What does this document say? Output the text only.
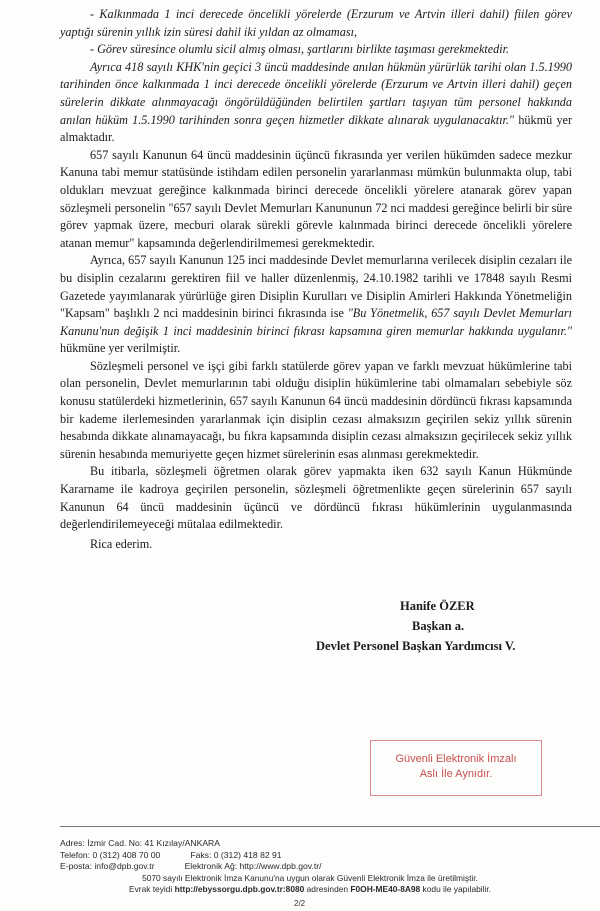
- Kalkınmada 1 inci derecede öncelikli yörelerde (Erzurum ve Artvin illeri dahil) fiilen görev yaptığı sürenin yıllık izin süresi dahil iki yıldan az olmaması,

- Görev süresince olumlu sicil almış olması, şartlarını birlikte taşıması gerekmektedir.

Ayrıca 418 sayılı KHK'nin geçici 3 üncü maddesinde anılan hükmün yürürlük tarihi olan 1.5.1990 tarihinden önce kalkınmada 1 inci derecede öncelikli yörelerde (Erzurum ve Artvin illeri dahil) geçen sürelerin dikkate alınmayacağı öngörüldüğünden belirtilen şartları taşıyan tüm personel hakkında anılan hüküm 1.5.1990 tarihinden sonra geçen hizmetler dikkate alınarak uygulanacaktır." hükmü yer almaktadır.

657 sayılı Kanunun 64 üncü maddesinin üçüncü fıkrasında yer verilen hükümden sadece mezkur Kanuna tabi memur statüsünde istihdam edilen personelin yararlanması mümkün bulunmakta olup, tabi oldukları mevzuat gereğince kalkınmada birinci derecede öncelikli yörelere atanarak görev yapan sözleşmeli personelin "657 sayılı Devlet Memurları Kanununun 72 nci maddesi gereğince belirli bir süre görev yapmak üzere, mecburi olarak sürekli görevle kalınmada birinci derecede öncelikli yörelere atanan memur" kapsamında değerlendirilmemesi gerekmektedir.

Ayrıca, 657 sayılı Kanunun 125 inci maddesinde Devlet memurlarına verilecek disiplin cezaları ile bu disiplin cezalarını gerektiren fiil ve haller düzenlenmiş, 24.10.1982 tarihli ve 17848 sayılı Resmi Gazetede yayımlanarak yürürlüğe giren Disiplin Kurulları ve Disiplin Amirleri Hakkında Yönetmeliğin "Kapsam" başlıklı 2 nci maddesinin birinci fıkrasında ise "Bu Yönetmelik, 657 sayılı Devlet Memurları Kanunu'nun değişik 1 inci maddesinin birinci fıkrası kapsamına giren memurlar hakkında uygulanır." hükmüne yer verilmiştir.

Sözleşmeli personel ve işçi gibi farklı statülerde görev yapan ve farklı mevzuat hükümlerine tabi olan personelin, Devlet memurlarının tabi olduğu disiplin hükümlerine tabi olmamaları sebebiyle söz konusu statülerdeki hizmetlerinin, 657 sayılı Kanunun 64 üncü maddesinin dördüncü fıkrası kapsamında bir kademe ilerlemesinden yararlanmak için disiplin cezası almaksızın geçirilen sekiz yıllık sürenin hesabında dikkate alınamayacağı, bu fıkra kapsamında disiplin cezası almaksızın geçirilecek sekiz yıllık sürenin hesabında memuriyette geçen hizmet sürelerinin esas alınması gerekmektedir.

Bu itibarla, sözleşmeli öğretmen olarak görev yapmakta iken 632 sayılı Kanun Hükmünde Kararname ile kadroya geçirilen personelin, sözleşmeli öğretmenlikte geçen sürelerinin 657 sayılı Kanunun 64 üncü maddesinin üçüncü ve dördüncü fıkrası hükümlerinin uygulanmasında değerlendirilemeyeceği mütalaa edilmektedir.

Rica ederim.

Hanife ÖZER
Başkan a.
Devlet Personel Başkan Yardımcısı V.
Güvenli Elektronik İmzalı
Aslı İle Aynıdır.
Adres: İzmir Cad. No: 41 Kızılay/ANKARA
Telefon: 0 (312) 408 70 00	Faks: 0 (312) 418 82 91
E-posta: info@dpb.gov.tr	Elektronik Ağ: http://www.dpb.gov.tr/
5070 sayılı Elektronik İmza Kanunu'na uygun olarak Güvenli Elektronik İmza ile üretilmiştir.
Evrak teyidi http://ebyssorgu.dpb.gov.tr:8080 adresinden F0OH-ME40-8A98 kodu ile yapılabilir.
2/2
